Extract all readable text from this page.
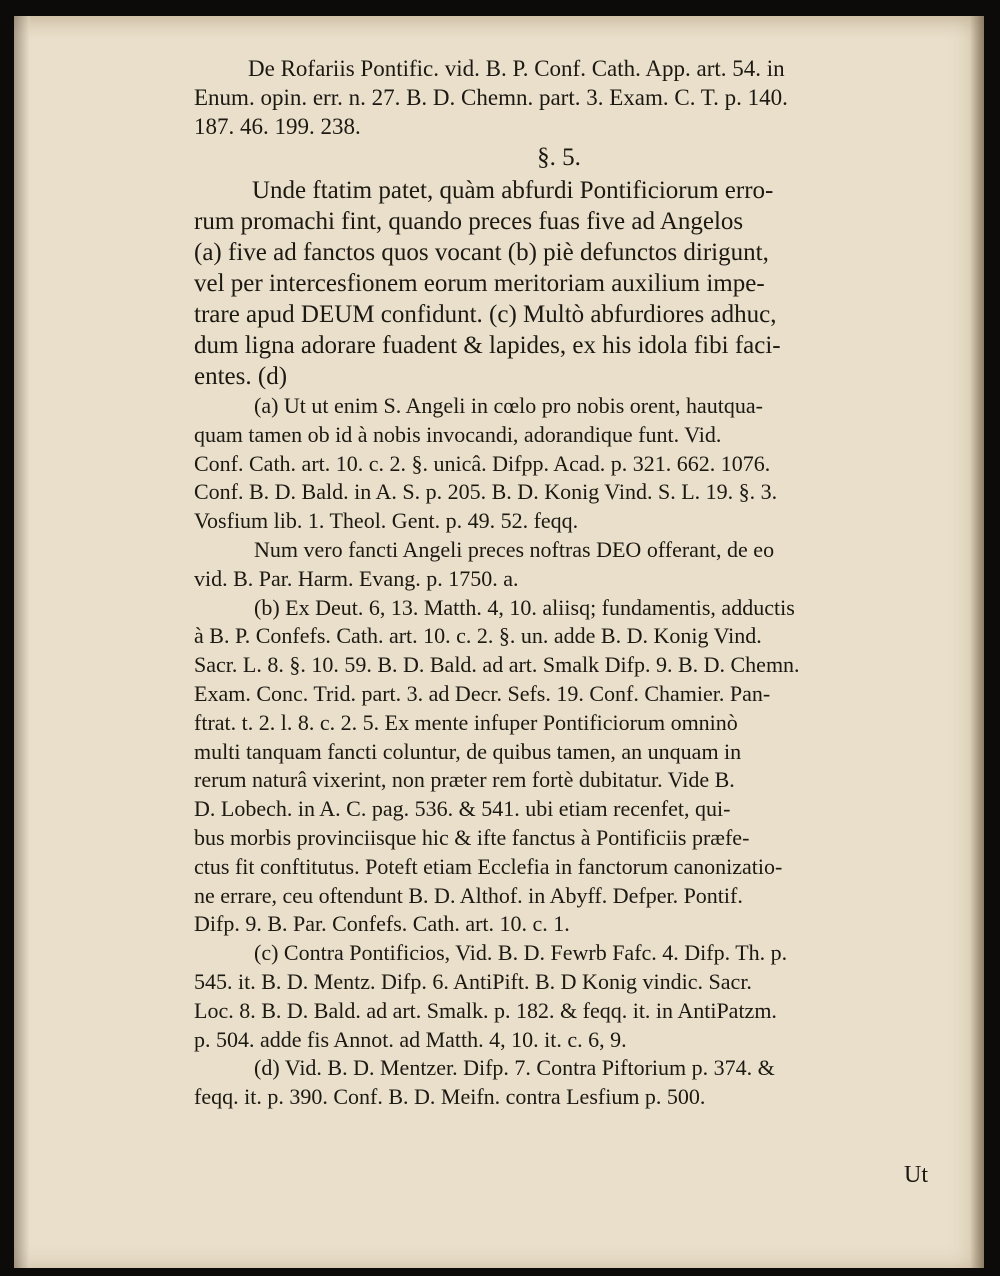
De Rofariis Pontific. vid. B. P. Conf. Cath. App. art. 54. in
Enum. opin. err. n. 27. B. D. Chemn. part. 3. Exam. C. T. p. 140.
187. 46. 199. 238.
§. 5.
Unde ftatim patet, quàm abfurdi Pontificiorum erro-
rum promachi fint, quando preces fuas five ad Angelos
(a) five ad fanctos quos vocant (b) piè defunctos dirigunt,
vel per intercesfionem eorum meritoriam auxilium impe-
trare apud DEUM confidunt. (c) Multò abfurdiores adhuc,
dum ligna adorare fuadent & lapides, ex his idola fibi faci-
entes. (d)
(a) Ut ut enim S. Angeli in cœlo pro nobis orent, hautqua-
quam tamen ob id à nobis invocandi, adorandique funt. Vid.
Conf. Cath. art. 10. c. 2. §. unicâ. Difpp. Acad. p. 321. 662. 1076.
Conf. B. D. Bald. in A. S. p. 205. B. D. Konig Vind. S. L. 19. §. 3.
Vosfium lib. 1. Theol. Gent. p. 49. 52. feqq.
Num vero fancti Angeli preces noftras DEO offerant, de eo
vid. B. Par. Harm. Evang. p. 1750. a.
(b) Ex Deut. 6, 13. Matth. 4, 10. aliisq; fundamentis, adductis
à B. P. Confefs. Cath. art. 10. c. 2. §. un. adde B. D. Konig Vind.
Sacr. L. 8. §. 10. 59. B. D. Bald. ad art. Smalk Difp. 9. B. D. Chemn.
Exam. Conc. Trid. part. 3. ad Decr. Sefs. 19. Conf. Chamier. Pan-
ftrat. t. 2. l. 8. c. 2. 5. Ex mente infuper Pontificiorum omninò
multi tanquam fancti coluntur, de quibus tamen, an unquam in
rerum naturâ vixerint, non præter rem fortè dubitatur. Vide B.
D. Lobech. in A. C. pag. 536. & 541. ubi etiam recenfet, qui-
bus morbis provinciisque hic & ifte fanctus à Pontificiis præfe-
ctus fit conftitutus. Poteft etiam Ecclefia in fanctorum canonizatio-
ne errare, ceu oftendunt B. D. Althof. in Abyff. Defper. Pontif.
Difp. 9. B. Par. Confefs. Cath. art. 10. c. 1.
(c) Contra Pontificios, Vid. B. D. Fewrb Fafc. 4. Difp. Th. p.
545. it. B. D. Mentz. Difp. 6. AntiPift. B. D Konig vindic. Sacr.
Loc. 8. B. D. Bald. ad art. Smalk. p. 182. & feqq. it. in AntiPatzm.
p. 504. adde fis Annot. ad Matth. 4, 10. it. c. 6, 9.
(d) Vid. B. D. Mentzer. Difp. 7. Contra Piftorium p. 374. &
feqq. it. p. 390. Conf. B. D. Meifn. contra Lesfium p. 500.
Ut
